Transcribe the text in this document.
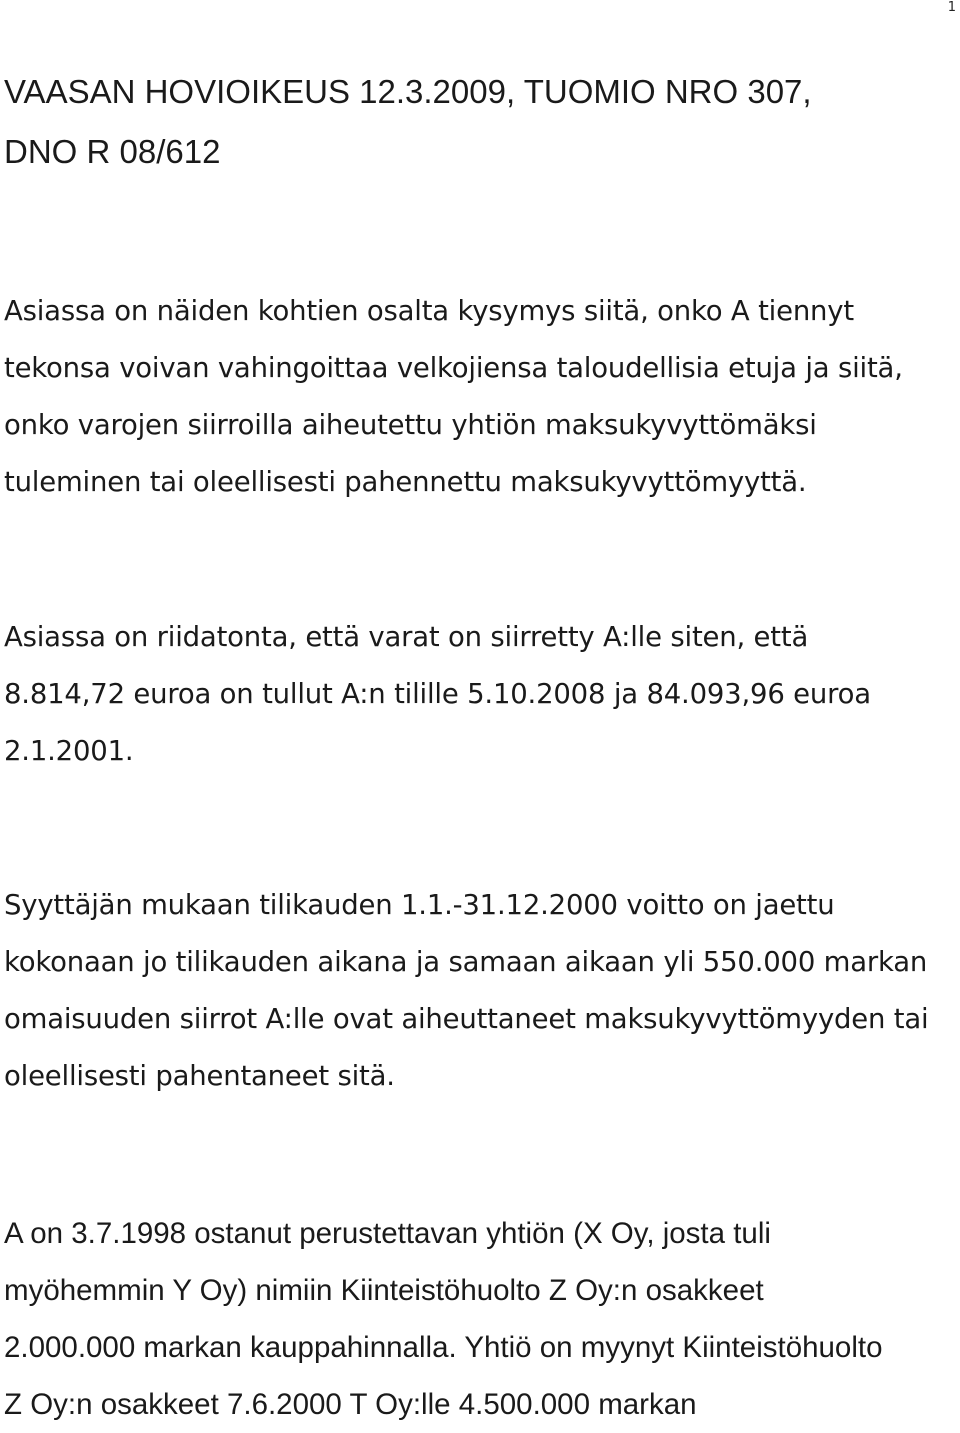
1
VAASAN HOVIOIKEUS 12.3.2009, TUOMIO NRO 307,
DNO R 08/612

Asiassa on näiden kohtien osalta kysymys siitä, onko A tiennyt
tekonsa voivan vahingoittaa velkojiensa taloudellisia etuja ja siitä,
onko varojen siirroilla aiheutettu yhtiön maksukyvyttömäksi
tuleminen tai oleellisesti pahennettu maksukyvyttömyyttä.

Asiassa on riidatonta, että varat on siirretty A:lle siten, että
8.814,72 euroa on tullut A:n tilille 5.10.2008 ja 84.093,96 euroa
2.1.2001.

Syyttäjän mukaan tilikauden 1.1.-31.12.2000 voitto on jaettu
kokonaan jo tilikauden aikana ja samaan aikaan yli 550.000 markan
omaisuuden siirrot A:lle ovat aiheuttaneet maksukyvyttömyyden tai
oleellisesti pahentaneet sitä.

A on 3.7.1998 ostanut perustettavan yhtiön (X Oy, josta tuli
myöhemmin Y Oy) nimiin Kiinteistöhuolto Z Oy:n osakkeet
2.000.000 markan kauppahinnalla. Yhtiö on myynyt Kiinteistöhuolto
Z Oy:n osakkeet 7.6.2000 T Oy:lle 4.500.000 markan
